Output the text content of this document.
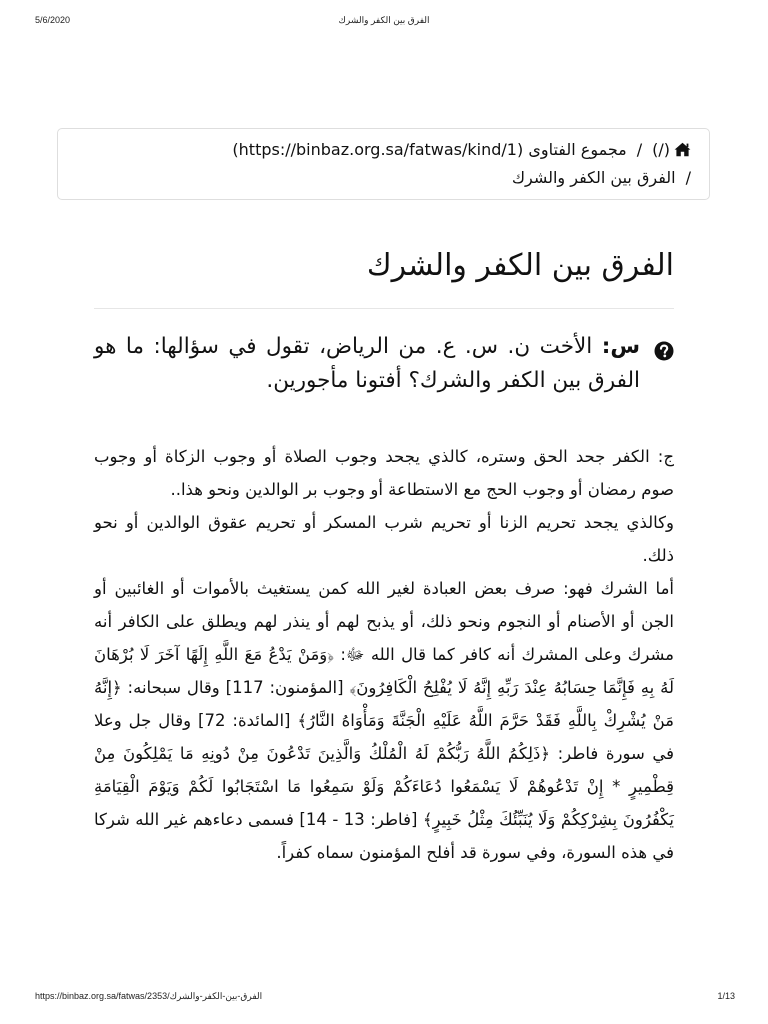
5/6/2020	الفرق بين الكفر والشرك
(/)/مجموع الفتاوى (https://binbaz.org.sa/fatwas/kind/1)
/الفرق بين الكفر والشرك
الفرق بين الكفر والشرك
س: الأخت ن. س. ع. من الرياض، تقول في سؤالها: ما هو الفرق بين الكفر والشرك؟ أفتونا مأجورين.

ج: الكفر جحد الحق وستره، كالذي يجحد وجوب الصلاة أو وجوب الزكاة أو وجوب صوم رمضان أو وجوب الحج مع الاستطاعة أو وجوب بر الوالدين ونحو هذا..

وكالذي يجحد تحريم الزنا أو تحريم شرب المسكر أو تحريم عقوق الوالدين أو نحو ذلك.

أما الشرك فهو: صرف بعض العبادة لغير الله كمن يستغيث بالأموات أو الغائبين أو الجن أو الأصنام أو النجوم ونحو ذلك، أو يذبح لهم أو ينذر لهم ويطلق على الكافر أنه مشرك وعلى المشرك أنه كافر كما قال الله ﷻ: ﴿وَمَنْ يَدْعُ مَعَ اللَّهِ إِلَهًا آخَرَ لَا بُرْهَانَ لَهُ بِهِ فَإِنَّمَا حِسَابُهُ عِنْدَ رَبِّهِ إِنَّهُ لَا يُفْلِحُ الْكَافِرُونَ﴾ [المؤمنون: 117] وقال سبحانه: ﴿إِنَّهُ مَنْ يُشْرِكْ بِاللَّهِ فَقَدْ حَرَّمَ اللَّهُ عَلَيْهِ الْجَنَّةَ وَمَأْوَاهُ النَّارُ﴾ [المائدة: 72] وقال جل وعلا في سورة فاطر: ﴿ذَلِكُمُ اللَّهُ رَبُّكُمْ لَهُ الْمُلْكُ وَالَّذِينَ تَدْعُونَ مِنْ دُونِهِ مَا يَمْلِكُونَ مِنْ قِطْمِيرٍ * إِنْ تَدْعُوهُمْ لَا يَسْمَعُوا دُعَاءَكُمْ وَلَوْ سَمِعُوا مَا اسْتَجَابُوا لَكُمْ وَيَوْمَ الْقِيَامَةِ يَكْفُرُونَ بِشِرْكِكُمْ وَلَا يُنَبِّئُكَ مِثْلُ خَبِيرٍ﴾ [فاطر: 13 - 14] فسمى دعاءهم غير الله شركا في هذه السورة، وفي سورة قد أفلح المؤمنون سماه كفراً.

https://binbaz.org.sa/fatwas/2353/الفرق-بين-الكفر-والشرك	1/13
